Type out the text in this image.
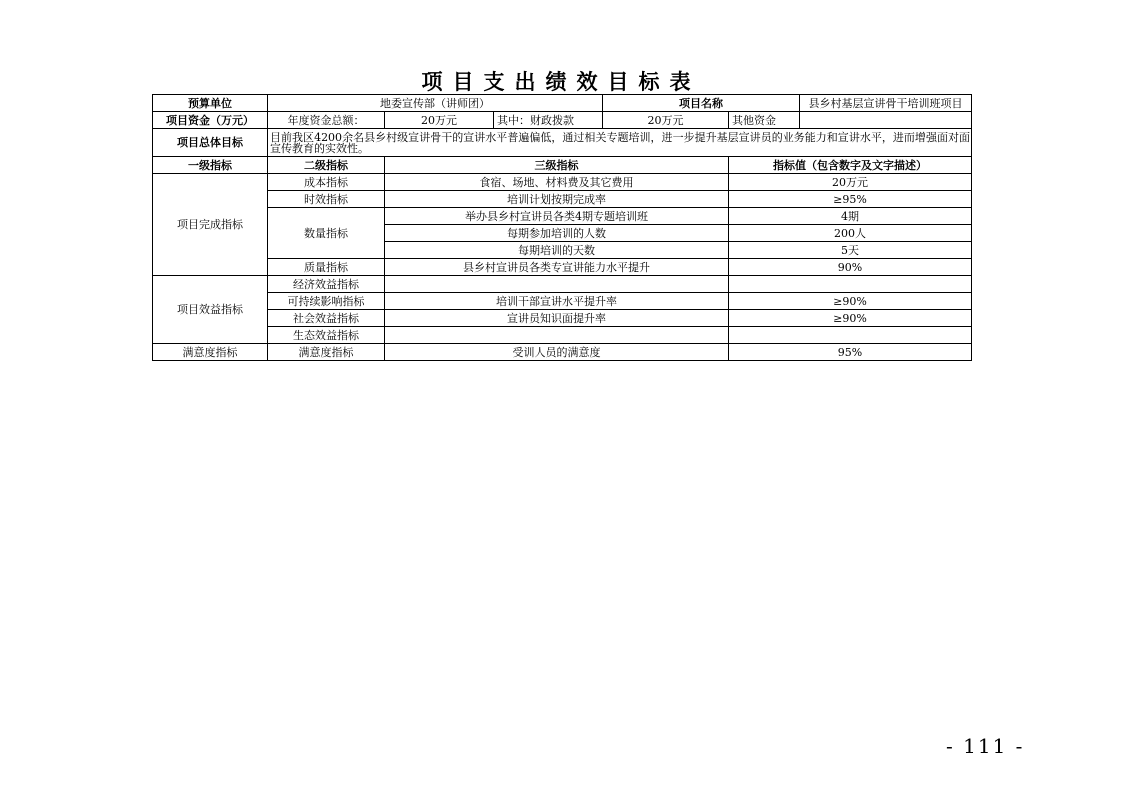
项目支出绩效目标表
预算单位	地委宣传部（讲师团）			项目名称		县乡村基层宣讲骨干培训班项目
项目资金（万元）	年度资金总额：	20万元	其中：财政拨款	20万元	其他资金	
项目总体目标	目前我区4200余名县乡村级宣讲骨干的宣讲水平普遍偏低，通过相关专题培训，进一步提升基层宣讲员的业务能力和宣讲水平，进而增强面对面宣传教育的实效性。					
一级指标	二级指标	三级指标			指标值（包含数字及文字描述）	
项目完成指标	成本指标	食宿、场地、材料费及其它费用			20万元	
	时效指标	培训计划按期完成率			≥95%	
	数量指标	举办县乡村宣讲员各类4期专题培训班			4期	
		每期参加培训的人数			200人	
		每期培训的天数			5天	
	质量指标	县乡村宣讲员各类专宣讲能力水平提升			90%	
项目效益指标	经济效益指标					
	可持续影响指标	培训干部宣讲水平提升率			≥90%	
	社会效益指标	宣讲员知识面提升率			≥90%	
	生态效益指标					
满意度指标	满意度指标	受训人员的满意度			95%	
- 111 -
